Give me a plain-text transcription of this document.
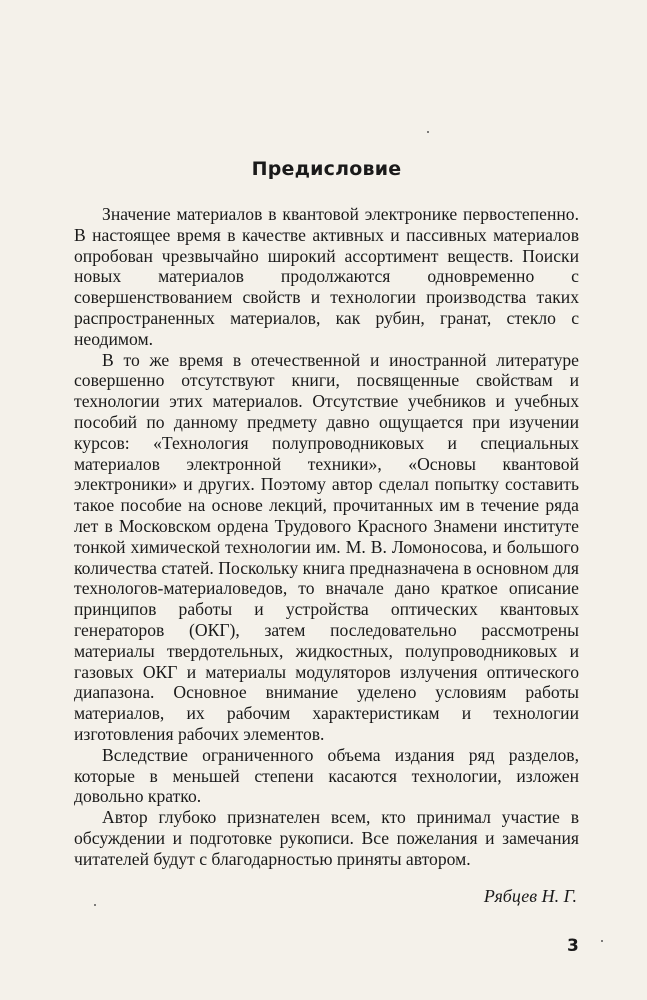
Предисловие

Значение материалов в квантовой электронике первостепенно. В настоящее время в качестве активных и пассивных материалов опробован чрезвычайно широкий ассортимент веществ. Поиски новых материалов продолжаются одновременно с совершенствованием свойств и технологии производства таких распространенных материалов, как рубин, гранат, стекло с неодимом.

В то же время в отечественной и иностранной литературе совершенно отсутствуют книги, посвященные свойствам и технологии этих материалов. Отсутствие учебников и учебных пособий по данному предмету давно ощущается при изучении курсов: «Технология полупроводниковых и специальных материалов электронной техники», «Основы квантовой электроники» и других. Поэтому автор сделал попытку составить такое пособие на основе лекций, прочитанных им в течение ряда лет в Московском ордена Трудового Красного Знамени институте тонкой химической технологии им. М. В. Ломоносова, и большого количества статей. Поскольку книга предназначена в основном для технологов-материаловедов, то вначале дано краткое описание принципов работы и устройства оптических квантовых генераторов (ОКГ), затем последовательно рассмотрены материалы твердотельных, жидкостных, полупроводниковых и газовых ОКГ и материалы модуляторов излучения оптического диапазона. Основное внимание уделено условиям работы материалов, их рабочим характеристикам и технологии изготовления рабочих элементов.

Вследствие ограниченного объема издания ряд разделов, которые в меньшей степени касаются технологии, изложен довольно кратко.

Автор глубоко признателен всем, кто принимал участие в обсуждении и подготовке рукописи. Все пожелания и замечания читателей будут с благодарностью приняты автором.

Рябцев Н. Г.
3
